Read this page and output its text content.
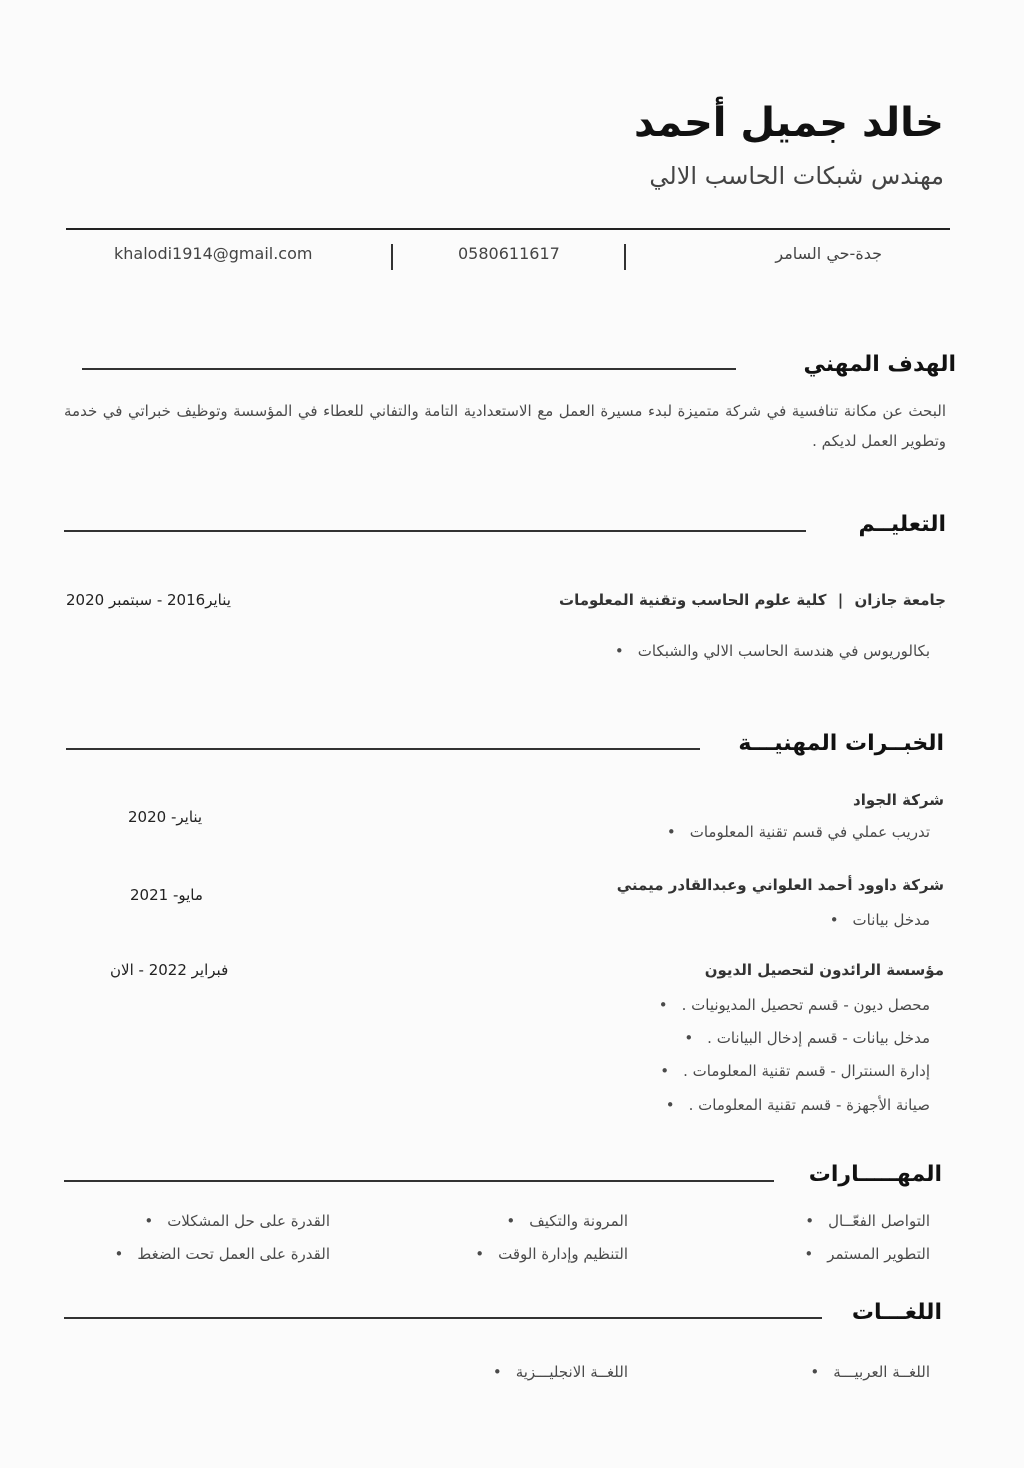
خالد جميل أحمد
مهندس شبكات الحاسب الالي
جدة-حي السامر
0580611617
khalodi1914@gmail.com
الهدف المهني
البحث عن مكانة تنافسية في شركة متميزة لبدء مسيرة العمل مع الاستعدادية التامة والتفاني للعطاء في المؤسسة وتوظيف خبراتي في خدمة وتطوير العمل لديكم .
التعليــم
جامعة جازان | كلية علوم الحاسب وتقنية المعلومات
يناير2016 - سبتمبر 2020
بكالوريوس في هندسة الحاسب الالي والشبكات •
الخبــرات المهنيـــة
شركة الجواد
يناير- 2020
تدريب عملي في قسم تقنية المعلومات •
شركة داوود أحمد العلواني وعبدالقادر ميمني
مايو- 2021
مدخل بيانات •
مؤسسة الرائدون لتحصيل الديون
فبراير 2022 - الان
محصل ديون - قسم تحصيل المديونيات . •
مدخل بيانات - قسم إدخال البيانات . •
إدارة السنترال - قسم تقنية المعلومات . •
صيانة الأجهزة - قسم تقنية المعلومات . •
المهـــــارات
التواصل الفعّــال •
المرونة والتكيف •
القدرة على حل المشكلات •
التطوير المستمر •
التنظيم وإدارة الوقت •
القدرة على العمل تحت الضغط •
اللغـــات
اللغــة العربيـــة •
اللغــة الانجليـــزية •
